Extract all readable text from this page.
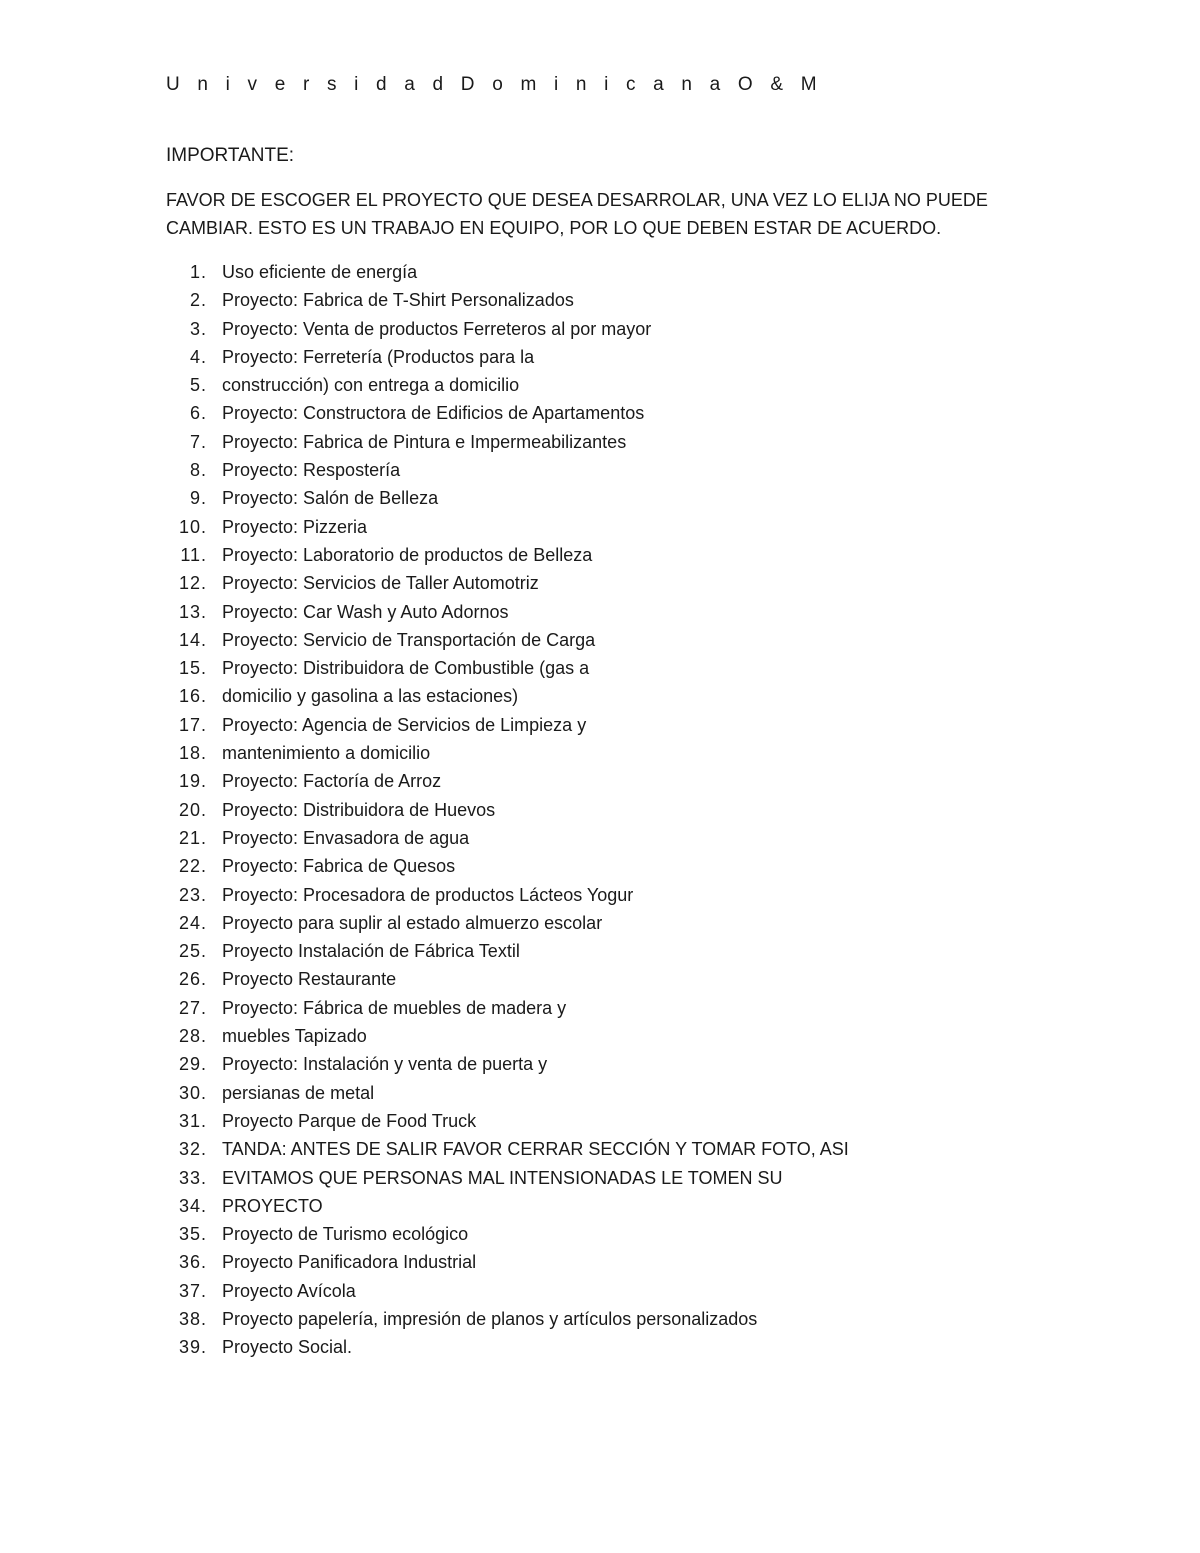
U n i v e r s i d a d D o m i n i c a n a O & M
IMPORTANTE:
FAVOR DE ESCOGER EL PROYECTO QUE DESEA DESARROLAR, UNA VEZ LO ELIJA NO PUEDE
CAMBIAR. ESTO ES UN TRABAJO EN EQUIPO, POR LO QUE DEBEN ESTAR DE ACUERDO.
1. Uso eficiente de energía
2. Proyecto: Fabrica de T-Shirt Personalizados
3. Proyecto: Venta de productos Ferreteros al por mayor
4. Proyecto: Ferretería (Productos para la
5. construcción) con entrega a domicilio
6. Proyecto: Constructora de Edificios de Apartamentos
7. Proyecto: Fabrica de Pintura e Impermeabilizantes
8. Proyecto: Respostería
9. Proyecto: Salón de Belleza
10. Proyecto: Pizzeria
11. Proyecto: Laboratorio de productos de Belleza
12. Proyecto: Servicios de Taller Automotriz
13. Proyecto: Car Wash y Auto Adornos
14. Proyecto: Servicio de Transportación de Carga
15. Proyecto: Distribuidora de Combustible (gas a
16. domicilio y gasolina a las estaciones)
17. Proyecto: Agencia de Servicios de Limpieza y
18. mantenimiento a domicilio
19. Proyecto: Factoría de Arroz
20. Proyecto: Distribuidora de Huevos
21. Proyecto: Envasadora de agua
22. Proyecto: Fabrica de Quesos
23. Proyecto: Procesadora de productos Lácteos Yogur
24. Proyecto para suplir al estado almuerzo escolar
25. Proyecto Instalación de Fábrica Textil
26. Proyecto Restaurante
27. Proyecto: Fábrica de muebles de madera y
28. muebles Tapizado
29. Proyecto: Instalación y venta de puerta y
30. persianas de metal
31. Proyecto Parque de Food Truck
32. TANDA: ANTES DE SALIR FAVOR CERRAR SECCIÓN Y TOMAR FOTO, ASI
33. EVITAMOS QUE PERSONAS MAL INTENSIONADAS LE TOMEN SU
34. PROYECTO
35. Proyecto de Turismo ecológico
36. Proyecto Panificadora Industrial
37. Proyecto Avícola
38. Proyecto papelería, impresión de planos y artículos personalizados
39. Proyecto Social.
